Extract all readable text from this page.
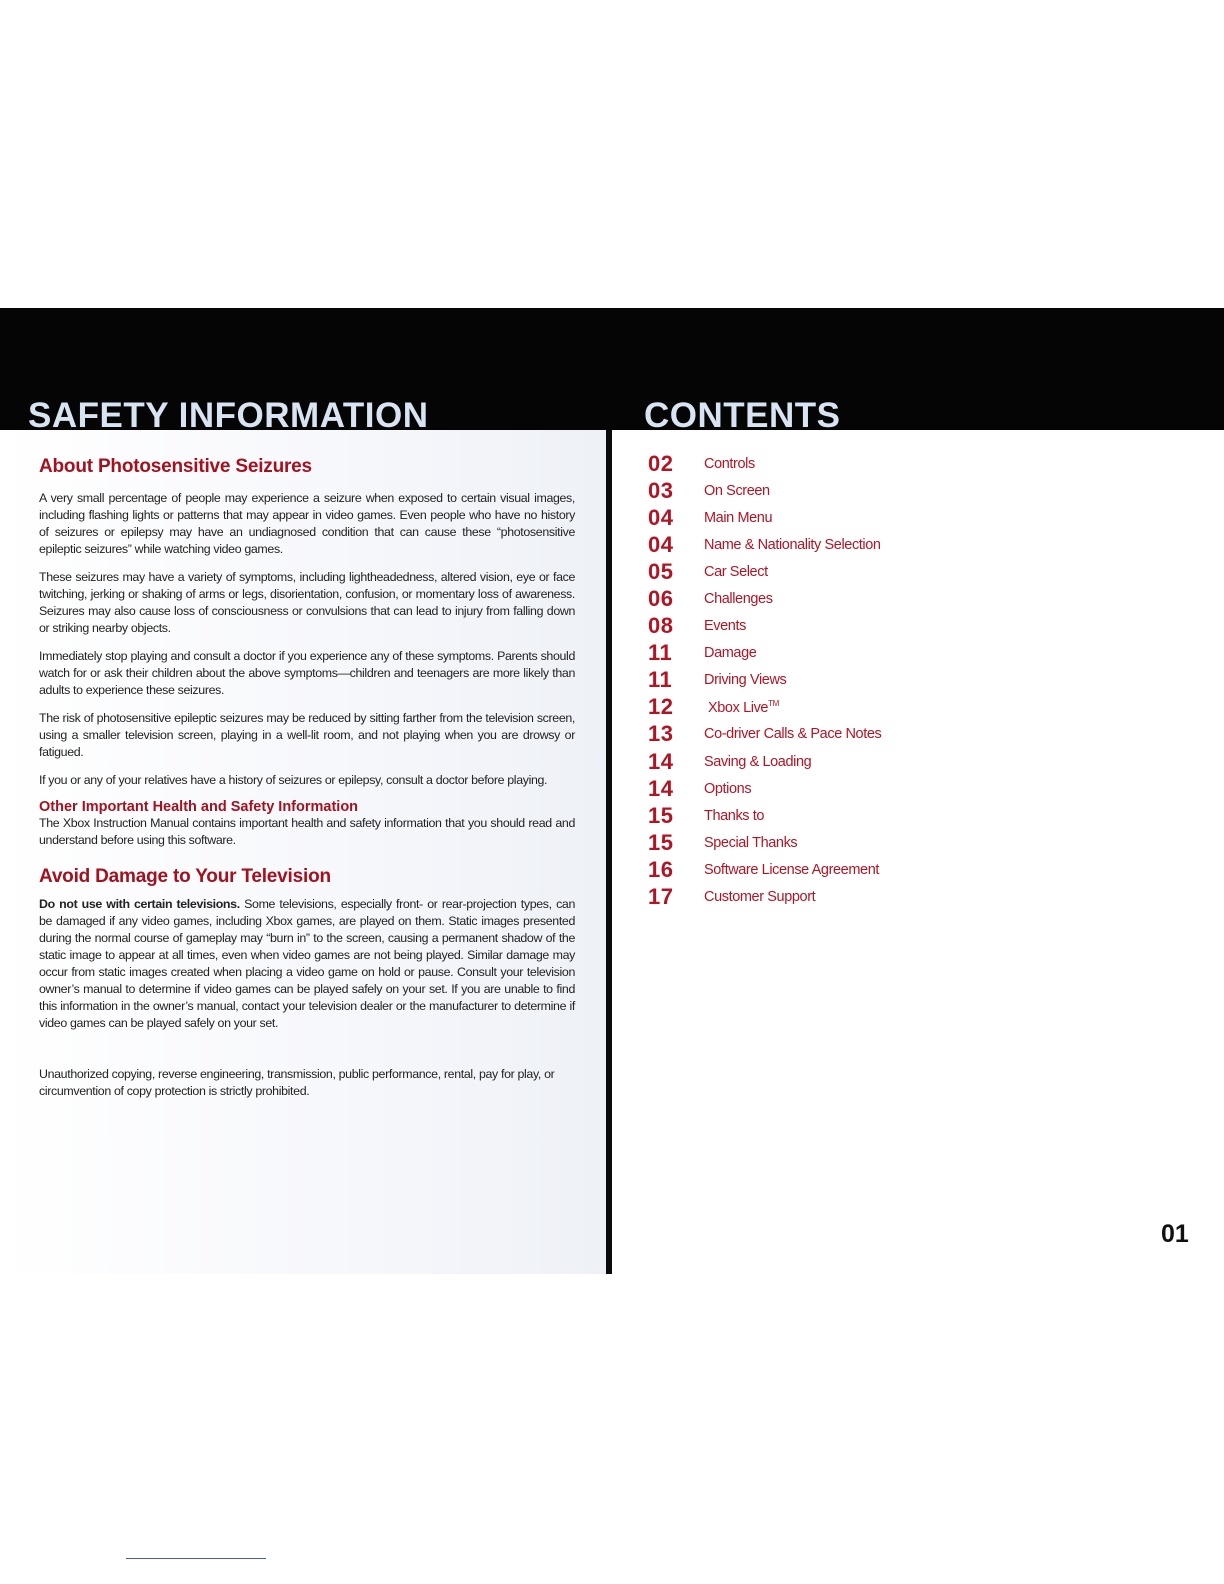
SAFETY INFORMATION	CONTENTS
About Photosensitive Seizures

A very small percentage of people may experience a seizure when exposed to certain visual images, including flashing lights or patterns that may appear in video games. Even people who have no history of seizures or epilepsy may have an undiagnosed condition that can cause these “photosensitive epileptic seizures” while watching video games.

These seizures may have a variety of symptoms, including lightheadedness, altered vision, eye or face twitching, jerking or shaking of arms or legs, disorientation, confusion, or momentary loss of awareness. Seizures may also cause loss of consciousness or convulsions that can lead to injury from falling down or striking nearby objects.

Immediately stop playing and consult a doctor if you experience any of these symptoms. Parents should watch for or ask their children about the above symptoms—children and teenagers are more likely than adults to experience these seizures.

The risk of photosensitive epileptic seizures may be reduced by sitting farther from the television screen, using a smaller television screen, playing in a well-lit room, and not playing when you are drowsy or fatigued.

If you or any of your relatives have a history of seizures or epilepsy, consult a doctor before playing.

Other Important Health and Safety Information

The Xbox Instruction Manual contains important health and safety information that you should read and understand before using this software.

Avoid Damage to Your Television

Do not use with certain televisions. Some televisions, especially front- or rear-projection types, can be damaged if any video games, including Xbox games, are played on them. Static images presented during the normal course of gameplay may “burn in” to the screen, causing a permanent shadow of the static image to appear at all times, even when video games are not being played. Similar damage may occur from static images created when placing a video game on hold or pause. Consult your television owner’s manual to determine if video games can be played safely on your set. If you are unable to find this information in the owner’s manual, contact your television dealer or the manufacturer to determine if video games can be played safely on your set.

Unauthorized copying, reverse engineering, transmission, public performance, rental, pay for play, or circumvention of copy protection is strictly prohibited.

02	Controls
03	On Screen
04	Main Menu
04	Name & Nationality Selection
05	Car Select
06	Challenges
08	Events
11	Damage
11	Driving Views
12	Xbox Live™
13	Co-driver Calls & Pace Notes
14	Saving & Loading
14	Options
15	Thanks to
15	Special Thanks
16	Software License Agreement
17	Customer Support
01
